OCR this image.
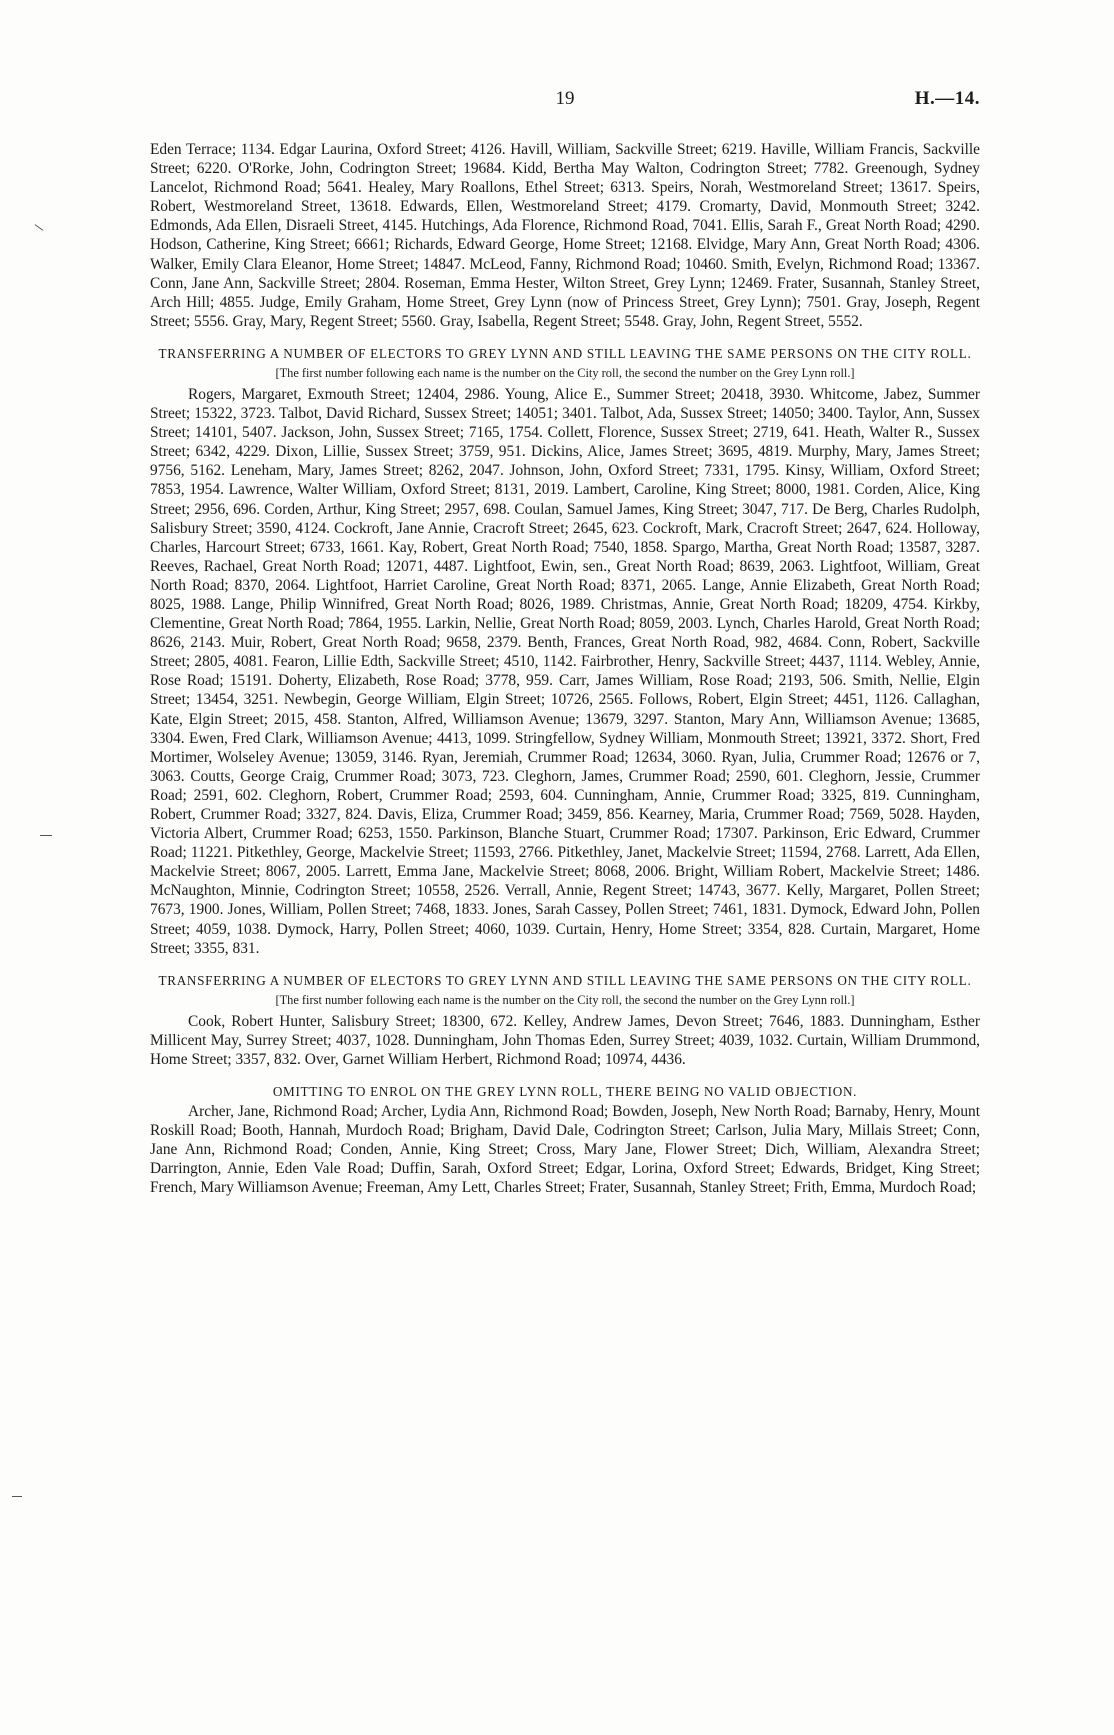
19	H.—14.

Eden Terrace; 1134. Edgar Laurina, Oxford Street; 4126. Havill, William, Sackville Street; 6219. Haville, William Francis, Sackville Street; 6220. O'Rorke, John, Codrington Street; 19684. Kidd, Bertha May Walton, Codrington Street; 7782. Greenough, Sydney Lancelot, Richmond Road; 5641. Healey, Mary Roallons, Ethel Street; 6313. Speirs, Norah, Westmoreland Street; 13617. Speirs, Robert, Westmoreland Street, 13618. Edwards, Ellen, Westmoreland Street; 4179. Cromarty, David, Monmouth Street; 3242. Edmonds, Ada Ellen, Disraeli Street, 4145. Hutchings, Ada Florence, Richmond Road, 7041. Ellis, Sarah F., Great North Road; 4290. Hodson, Catherine, King Street; 6661; Richards, Edward George, Home Street; 12168. Elvidge, Mary Ann, Great North Road; 4306. Walker, Emily Clara Eleanor, Home Street; 14847. McLeod, Fanny, Richmond Road; 10460. Smith, Evelyn, Richmond Road; 13367. Conn, Jane Ann, Sackville Street; 2804. Roseman, Emma Hester, Wilton Street, Grey Lynn; 12469. Frater, Susannah, Stanley Street, Arch Hill; 4855. Judge, Emily Graham, Home Street, Grey Lynn (now of Princess Street, Grey Lynn); 7501. Gray, Joseph, Regent Street; 5556. Gray, Mary, Regent Street; 5560. Gray, Isabella, Regent Street; 5548. Gray, John, Regent Street, 5552.

TRANSFERRING A NUMBER OF ELECTORS TO GREY LYNN AND STILL LEAVING THE SAME PERSONS ON THE CITY ROLL.

[The first number following each name is the number on the City roll, the second the number on the Grey Lynn roll.]

Rogers, Margaret, Exmouth Street; 12404, 2986. Young, Alice E., Summer Street; 20418, 3930. Whitcome, Jabez, Summer Street; 15322, 3723. Talbot, David Richard, Sussex Street; 14051; 3401. Talbot, Ada, Sussex Street; 14050; 3400. Taylor, Ann, Sussex Street; 14101, 5407. Jackson, John, Sussex Street; 7165, 1754. Collett, Florence, Sussex Street; 2719, 641. Heath, Walter R., Sussex Street; 6342, 4229. Dixon, Lillie, Sussex Street; 3759, 951. Dickins, Alice, James Street; 3695, 4819. Murphy, Mary, James Street; 9756, 5162. Leneham, Mary, James Street; 8262, 2047. Johnson, John, Oxford Street; 7331, 1795. Kinsy, William, Oxford Street; 7853, 1954. Lawrence, Walter William, Oxford Street; 8131, 2019. Lambert, Caroline, King Street; 8000, 1981. Corden, Alice, King Street; 2956, 696. Corden, Arthur, King Street; 2957, 698. Coulan, Samuel James, King Street; 3047, 717. De Berg, Charles Rudolph, Salisbury Street; 3590, 4124. Cockroft, Jane Annie, Cracroft Street; 2645, 623. Cockroft, Mark, Cracroft Street; 2647, 624. Holloway, Charles, Harcourt Street; 6733, 1661. Kay, Robert, Great North Road; 7540, 1858. Spargo, Martha, Great North Road; 13587, 3287. Reeves, Rachael, Great North Road; 12071, 4487. Lightfoot, Ewin, sen., Great North Road; 8639, 2063. Lightfoot, William, Great North Road; 8370, 2064. Lightfoot, Harriet Caroline, Great North Road; 8371, 2065. Lange, Annie Elizabeth, Great North Road; 8025, 1988. Lange, Philip Winnifred, Great North Road; 8026, 1989. Christmas, Annie, Great North Road; 18209, 4754. Kirkby, Clementine, Great North Road; 7864, 1955. Larkin, Nellie, Great North Road; 8059, 2003. Lynch, Charles Harold, Great North Road; 8626, 2143. Muir, Robert, Great North Road; 9658, 2379. Benth, Frances, Great North Road, 982, 4684. Conn, Robert, Sackville Street; 2805, 4081. Fearon, Lillie Edth, Sackville Street; 4510, 1142. Fairbrother, Henry, Sackville Street; 4437, 1114. Webley, Annie, Rose Road; 15191. Doherty, Elizabeth, Rose Road; 3778, 959. Carr, James William, Rose Road; 2193, 506. Smith, Nellie, Elgin Street; 13454, 3251. Newbegin, George William, Elgin Street; 10726, 2565. Follows, Robert, Elgin Street; 4451, 1126. Callaghan, Kate, Elgin Street; 2015, 458. Stanton, Alfred, Williamson Avenue; 13679, 3297. Stanton, Mary Ann, Williamson Avenue; 13685, 3304. Ewen, Fred Clark, Williamson Avenue; 4413, 1099. Stringfellow, Sydney William, Monmouth Street; 13921, 3372. Short, Fred Mortimer, Wolseley Avenue; 13059, 3146. Ryan, Jeremiah, Crummer Road; 12634, 3060. Ryan, Julia, Crummer Road; 12676 or 7, 3063. Coutts, George Craig, Crummer Road; 3073, 723. Cleghorn, James, Crummer Road; 2590, 601. Cleghorn, Jessie, Crummer Road; 2591, 602. Cleghorn, Robert, Crummer Road; 2593, 604. Cunningham, Annie, Crummer Road; 3325, 819. Cunningham, Robert, Crummer Road; 3327, 824. Davis, Eliza, Crummer Road; 3459, 856. Kearney, Maria, Crummer Road; 7569, 5028. Hayden, Victoria Albert, Crummer Road; 6253, 1550. Parkinson, Blanche Stuart, Crummer Road; 17307. Parkinson, Eric Edward, Crummer Road; 11221. Pitkethley, George, Mackelvie Street; 11593, 2766. Pitkethley, Janet, Mackelvie Street; 11594, 2768. Larrett, Ada Ellen, Mackelvie Street; 8067, 2005. Larrett, Emma Jane, Mackelvie Street; 8068, 2006. Bright, William Robert, Mackelvie Street; 1486. McNaughton, Minnie, Codrington Street; 10558, 2526. Verrall, Annie, Regent Street; 14743, 3677. Kelly, Margaret, Pollen Street; 7673, 1900. Jones, William, Pollen Street; 7468, 1833. Jones, Sarah Cassey, Pollen Street; 7461, 1831. Dymock, Edward John, Pollen Street; 4059, 1038. Dymock, Harry, Pollen Street; 4060, 1039. Curtain, Henry, Home Street; 3354, 828. Curtain, Margaret, Home Street; 3355, 831.

TRANSFERRING A NUMBER OF ELECTORS TO GREY LYNN AND STILL LEAVING THE SAME PERSONS ON THE CITY ROLL.

[The first number following each name is the number on the City roll, the second the number on the Grey Lynn roll.]

Cook, Robert Hunter, Salisbury Street; 18300, 672. Kelley, Andrew James, Devon Street; 7646, 1883. Dunningham, Esther Millicent May, Surrey Street; 4037, 1028. Dunningham, John Thomas Eden, Surrey Street; 4039, 1032. Curtain, William Drummond, Home Street; 3357, 832. Over, Garnet William Herbert, Richmond Road; 10974, 4436.

OMITTING TO ENROL ON THE GREY LYNN ROLL, THERE BEING NO VALID OBJECTION.

Archer, Jane, Richmond Road; Archer, Lydia Ann, Richmond Road; Bowden, Joseph, New North Road; Barnaby, Henry, Mount Roskill Road; Booth, Hannah, Murdoch Road; Brigham, David Dale, Codrington Street; Carlson, Julia Mary, Millais Street; Conn, Jane Ann, Richmond Road; Conden, Annie, King Street; Cross, Mary Jane, Flower Street; Dich, William, Alexandra Street; Darrington, Annie, Eden Vale Road; Duffin, Sarah, Oxford Street; Edgar, Lorina, Oxford Street; Edwards, Bridget, King Street; French, Mary Williamson Avenue; Freeman, Amy Lett, Charles Street; Frater, Susannah, Stanley Street; Frith, Emma, Murdoch Road;
